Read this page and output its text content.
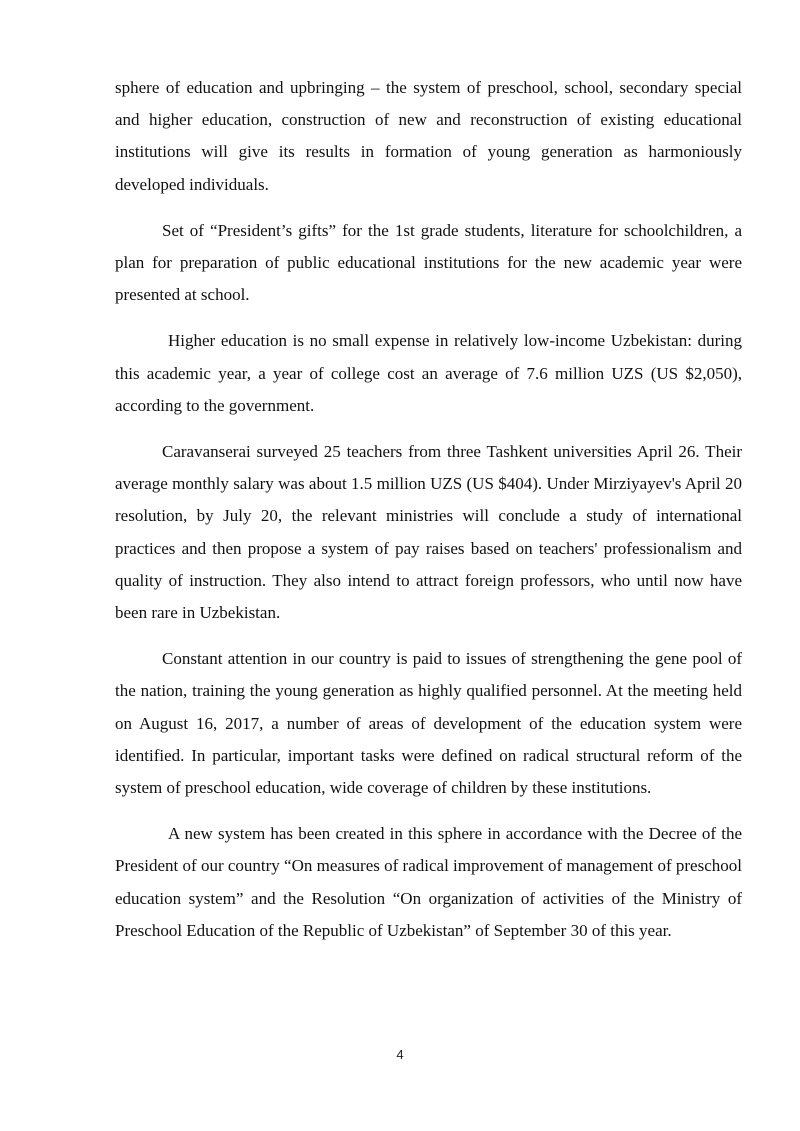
sphere of education and upbringing – the system of preschool, school, secondary special and higher education, construction of new and reconstruction of existing educational institutions will give its results in formation of young generation as harmoniously developed individuals.

Set of “President’s gifts” for the 1st grade students, literature for schoolchildren, a plan for preparation of public educational institutions for the new academic year were presented at school.

Higher education is no small expense in relatively low-income Uzbekistan: during this academic year, a year of college cost an average of 7.6 million UZS (US $2,050), according to the government.

Caravanserai surveyed 25 teachers from three Tashkent universities April 26. Their average monthly salary was about 1.5 million UZS (US $404). Under Mirziyayev's April 20 resolution, by July 20, the relevant ministries will conclude a study of international practices and then propose a system of pay raises based on teachers' professionalism and quality of instruction. They also intend to attract foreign professors, who until now have been rare in Uzbekistan.

Constant attention in our country is paid to issues of strengthening the gene pool of the nation, training the young generation as highly qualified personnel. At the meeting held on August 16, 2017, a number of areas of development of the education system were identified. In particular, important tasks were defined on radical structural reform of the system of preschool education, wide coverage of children by these institutions.

A new system has been created in this sphere in accordance with the Decree of the President of our country “On measures of radical improvement of management of preschool education system” and the Resolution “On organization of activities of the Ministry of Preschool Education of the Republic of Uzbekistan” of September 30 of this year.

4
